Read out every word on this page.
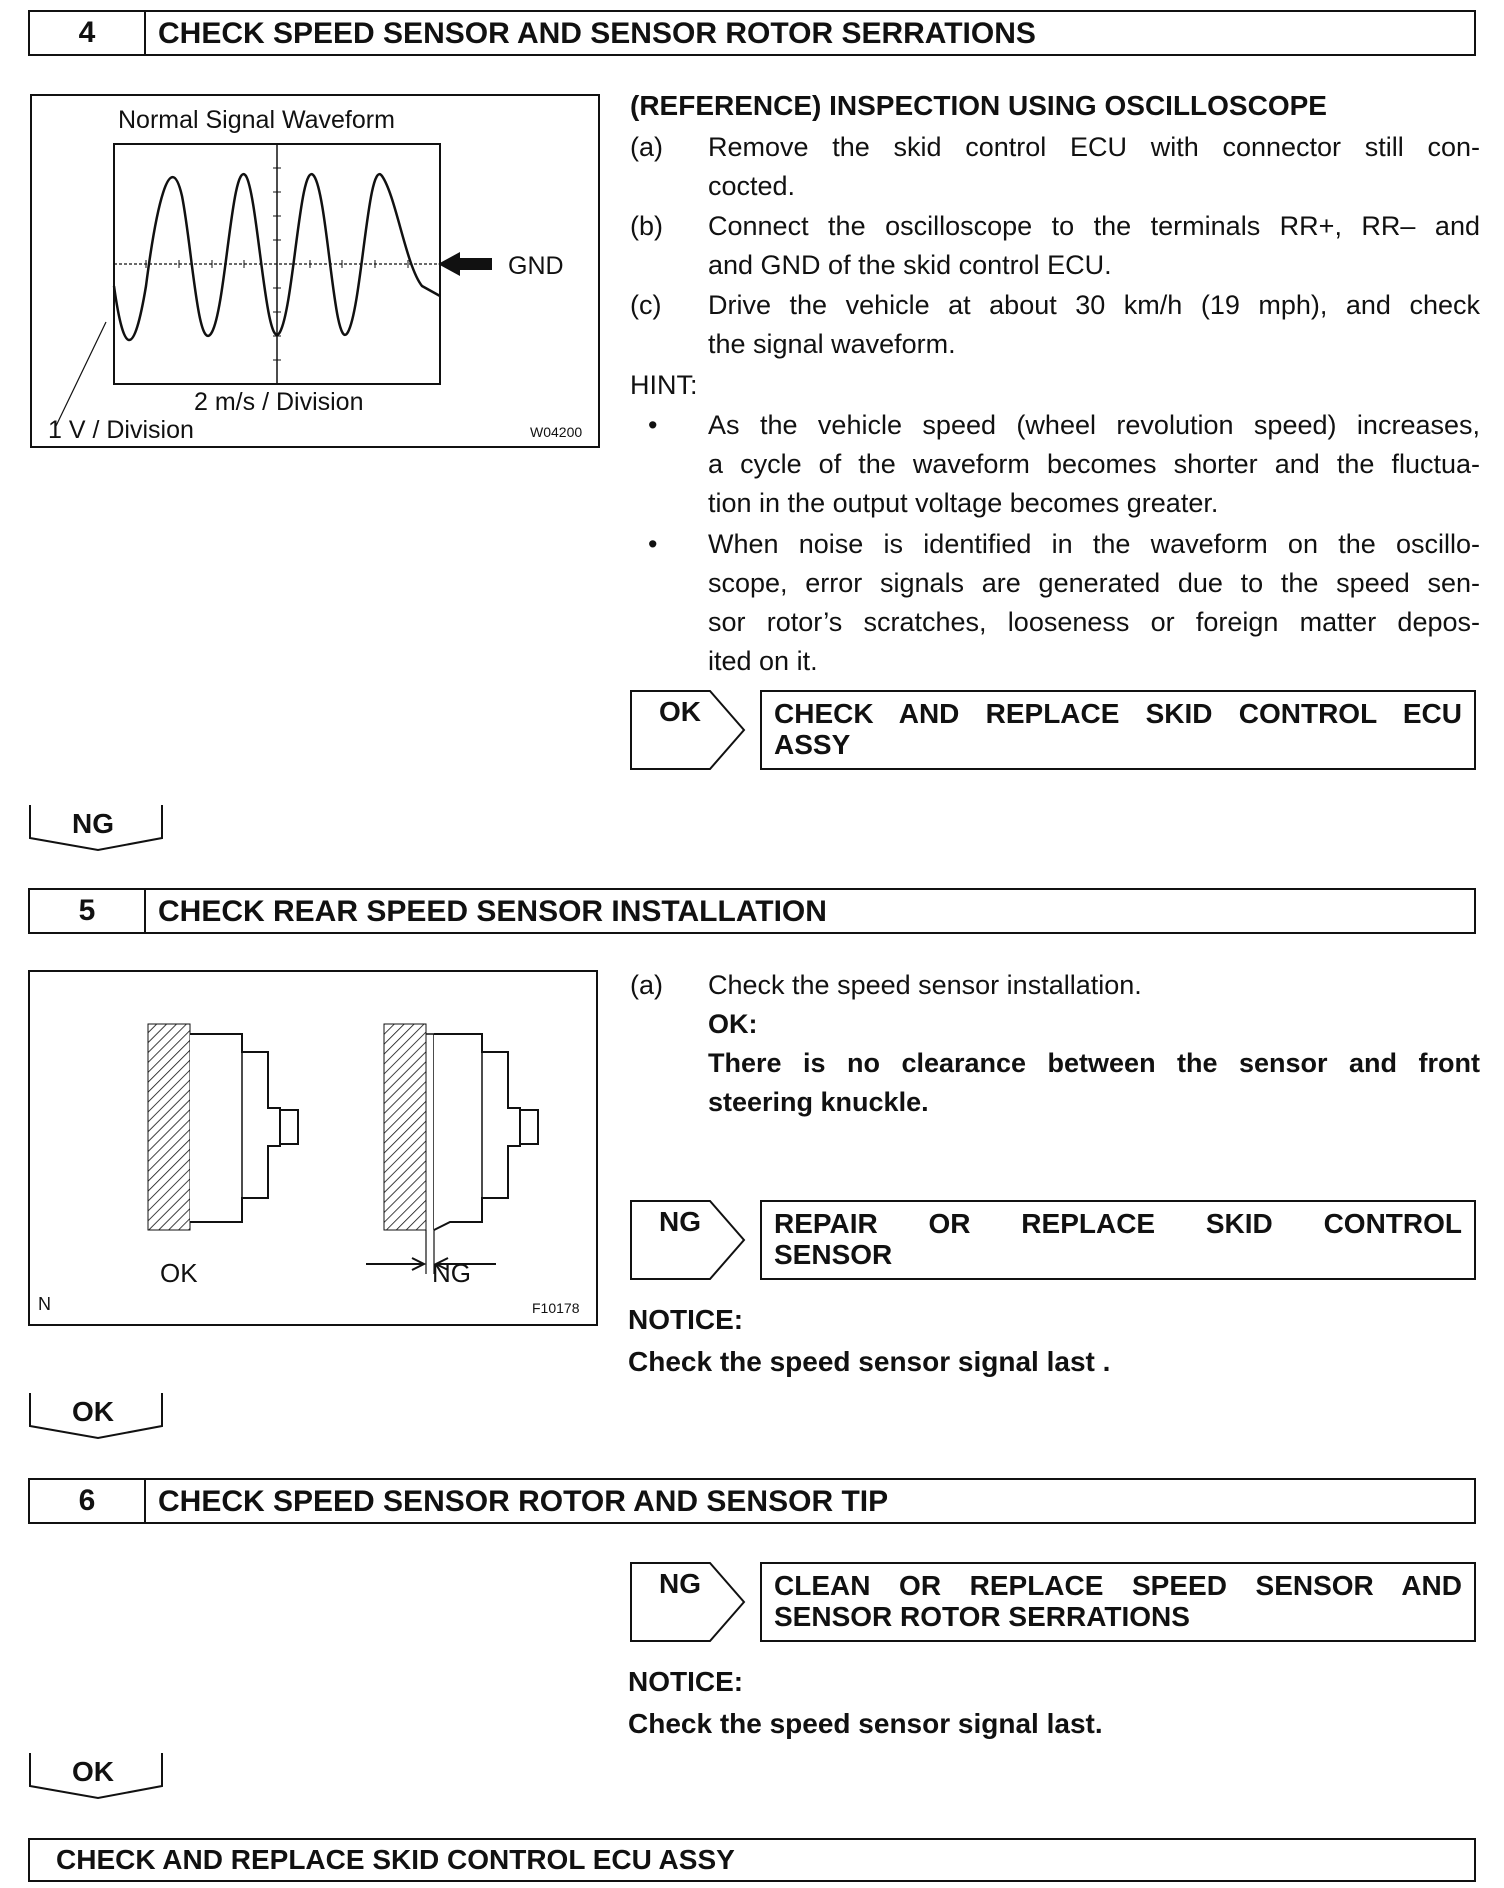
4	CHECK SPEED SENSOR AND SENSOR ROTOR SERRATIONS
Normal Signal Waveform
GND
2 m/s / Division
1 V / Division	W04200
(REFERENCE) INSPECTION USING OSCILLOSCOPE
(a)	Remove the skid control ECU with connector still con-
cocted.
(b)	Connect the oscilloscope to the terminals RR+, RR– and
and GND of the skid control ECU.
(c)	Drive the vehicle at about 30 km/h (19 mph), and check
the signal waveform.
HINT:
•	As the vehicle speed (wheel revolution speed) increases,
a cycle of the waveform becomes shorter and the fluctua-
tion in the output voltage becomes greater.
•	When noise is identified in the waveform on the oscillo-
scope, error signals are generated due to the speed sen-
sor rotor’s scratches, looseness or foreign matter depos-
ited on it.
OK	CHECK AND REPLACE SKID CONTROL ECU
ASSY
NG
5	CHECK REAR SPEED SENSOR INSTALLATION
OK	NG
N	F10178
(a)	Check the speed sensor installation.
OK:
There is no clearance between the sensor and front
steering knuckle.
NG	REPAIR OR REPLACE SKID CONTROL
SENSOR
NOTICE:
Check the speed sensor signal last .
OK
6	CHECK SPEED SENSOR ROTOR AND SENSOR TIP
NG	CLEAN OR REPLACE SPEED SENSOR AND
SENSOR ROTOR SERRATIONS
NOTICE:
Check the speed sensor signal last.
OK
CHECK AND REPLACE SKID CONTROL ECU ASSY
